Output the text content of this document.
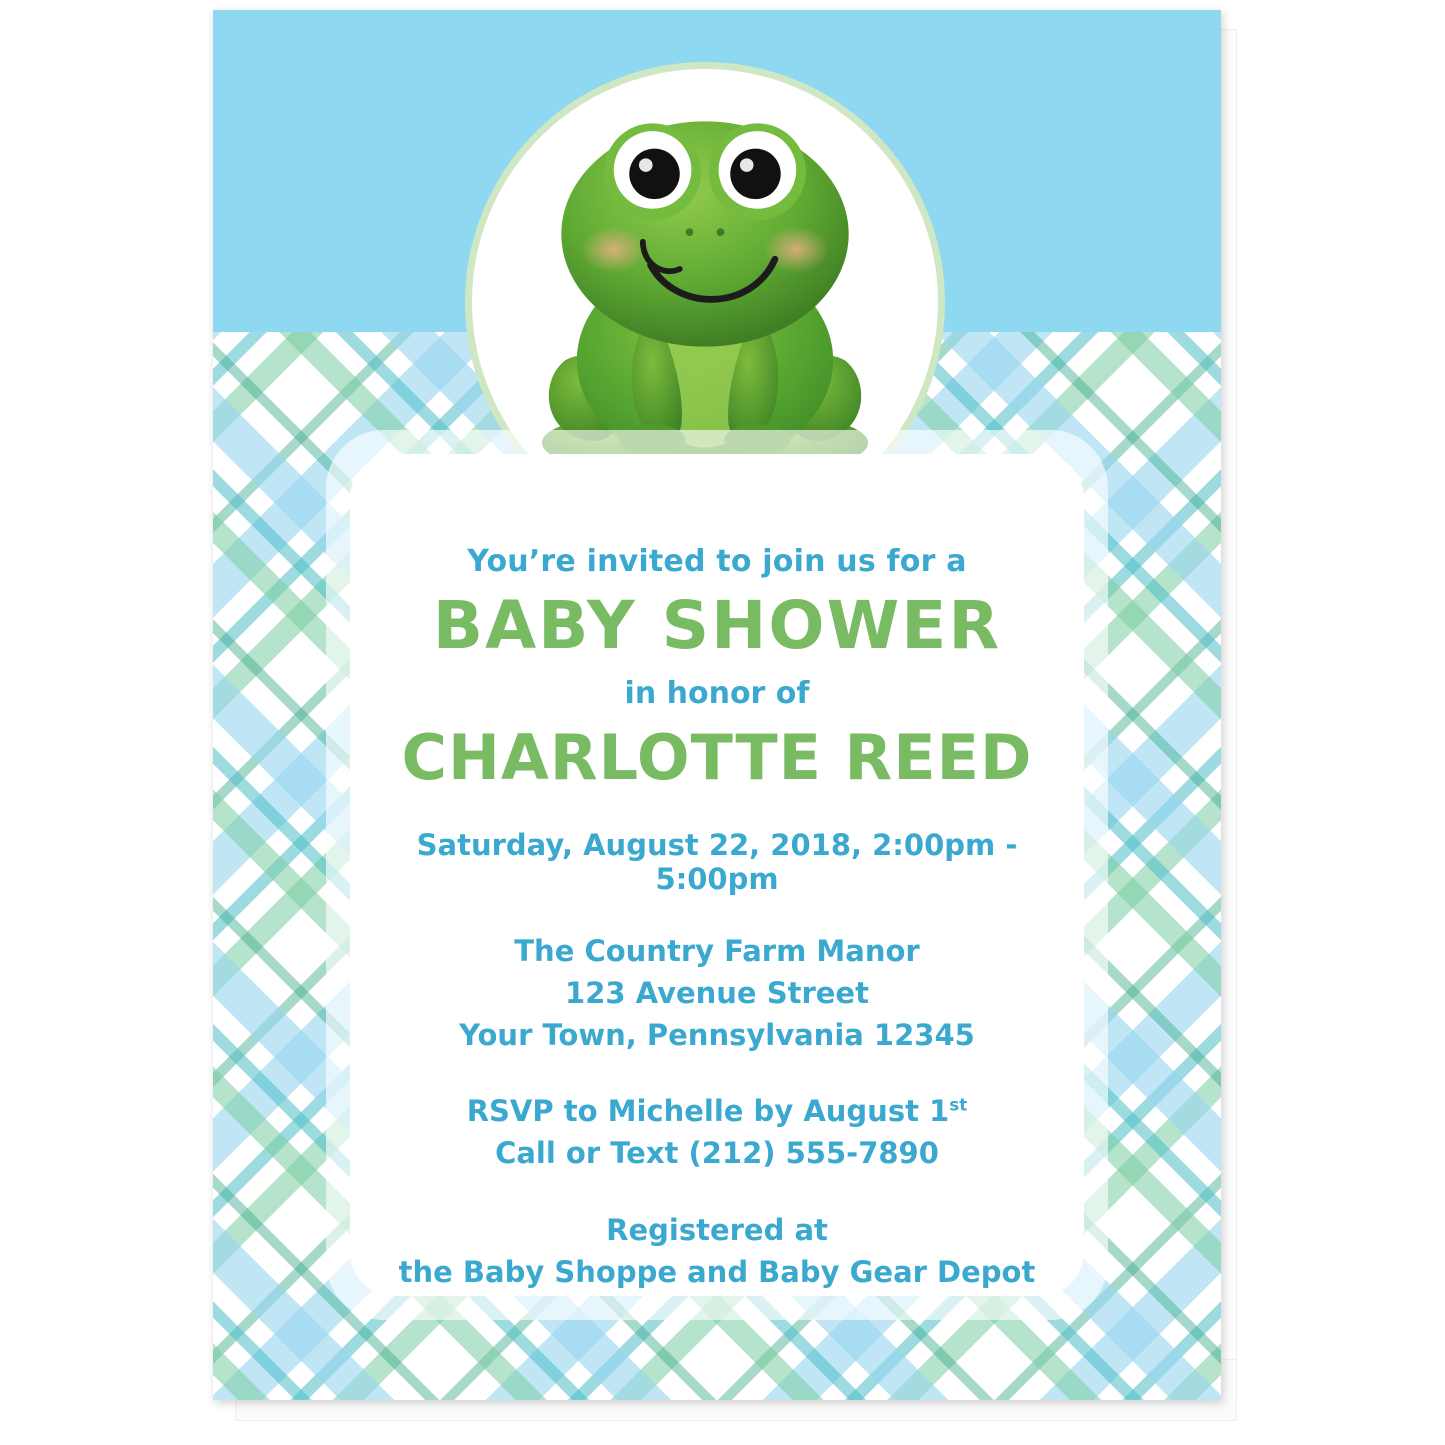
You’re invited to join us for a
BABY SHOWER
in honor of
CHARLOTTE REED
Saturday, August 22, 2018, 2:00pm - 5:00pm
The Country Farm Manor
123 Avenue Street
Your Town, Pennsylvania 12345
RSVP to Michelle by August 1st
Call or Text (212) 555-7890
Registered at
the Baby Shoppe and Baby Gear Depot
